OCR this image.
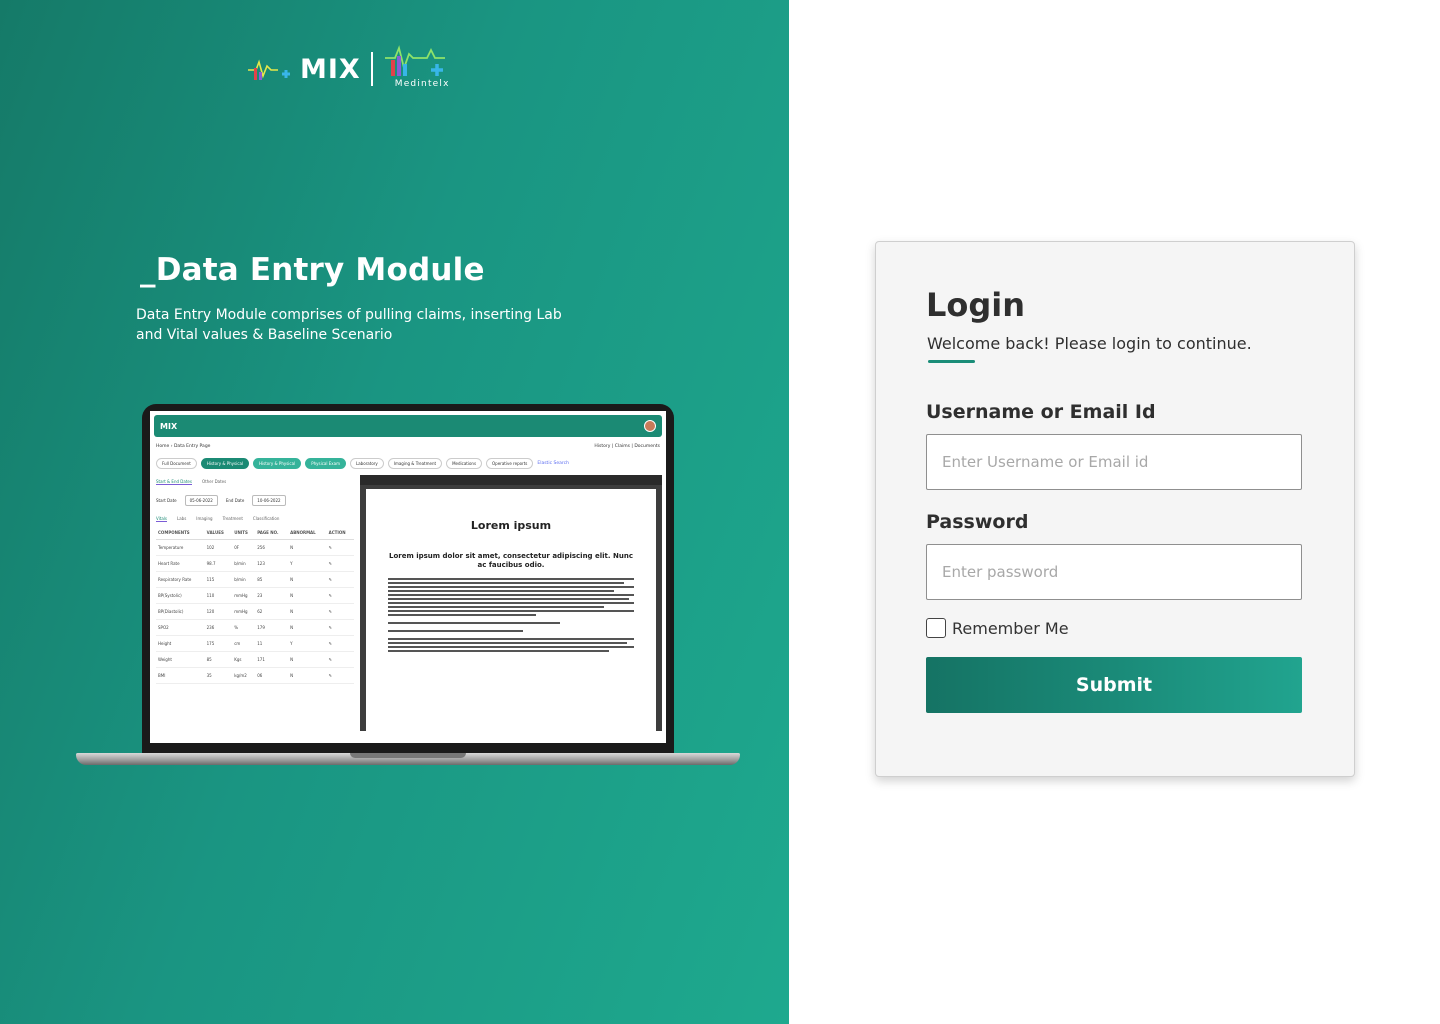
MIX	Medintelx
_Data Entry Module

Data Entry Module comprises of pulling claims, inserting Lab and Vital values & Baseline Scenario

MIX
Home › Data Entry Page	History | Claims | Documents
Full Document	History & Physical	History & Physical	Physical Exam	Laboratory	Imaging & Treatment	Medications	Operative reports	Elastic Search
Start & End Dates	Other Dates
Start Date	05-06-2022	End Date	10-06-2022
Vitals	Labs	Imaging	Treatment	Classification
COMPONENTS	VALUES	UNITS	PAGE NO.	ABNORMAL	ACTION
Temperature	102	0F	256	N	✎
Heart Rate	98.7	b/min	123	Y	✎
Respiratory Rate	115	b/min	85	N	✎
BP(Systolic)	110	mmHg	23	N	✎
BP(Diastolic)	120	mmHg	62	N	✎
SPO2	236	%	179	N	✎
Height	175	cm	11	Y	✎
Weight	85	Kgs	171	N	✎
BMI	35	kg/m2	06	N	✎
Lorem ipsum
Lorem ipsum dolor sit amet, consectetur adipiscing elit. Nunc ac faucibus odio.
Login

Welcome back! Please login to continue.

Username or Email Id
Enter Username or Email id
Password
Remember Me
Submit
